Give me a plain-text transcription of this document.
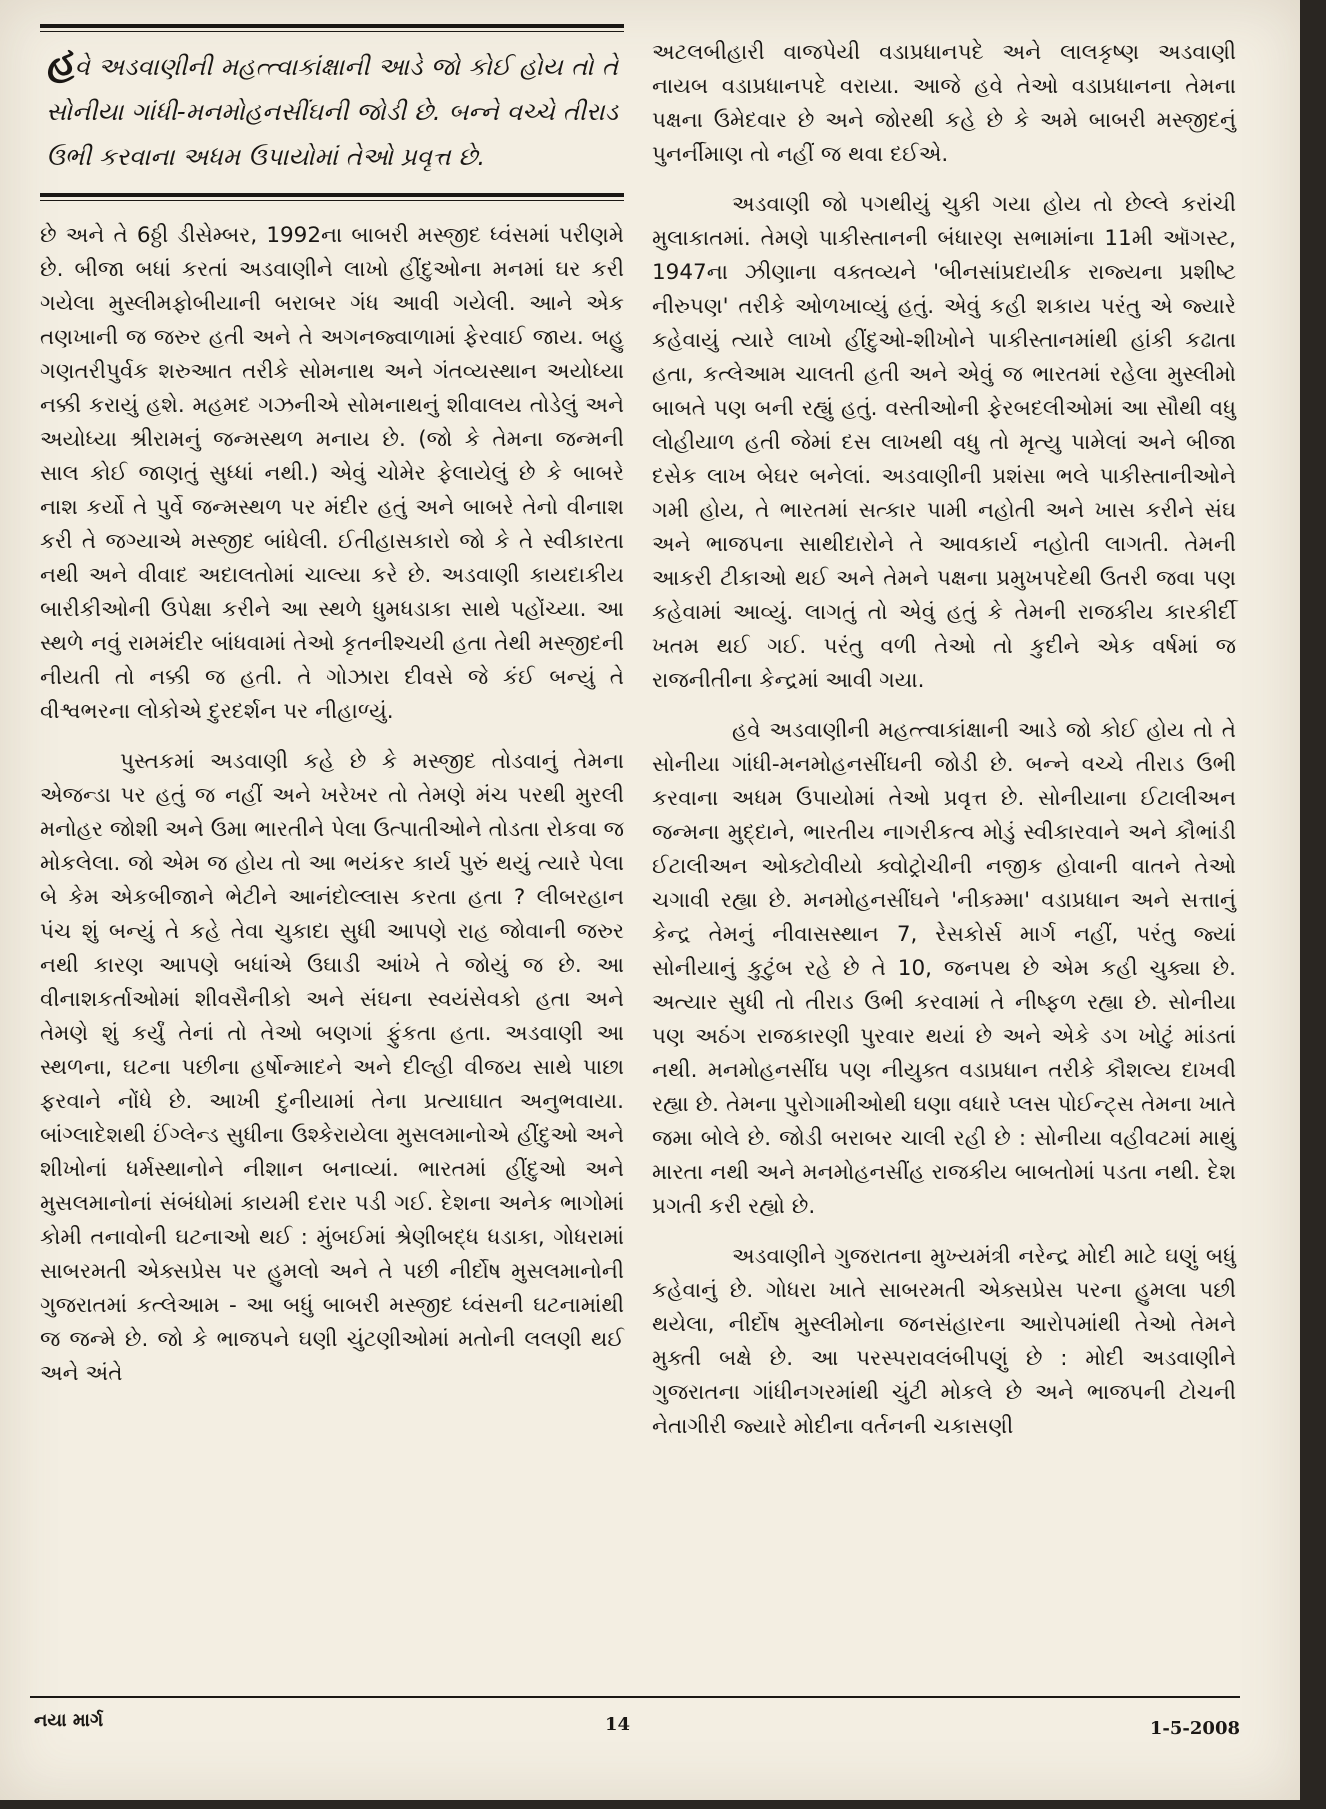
હવે અડવાણીની મહત્ત્વાકાંક્ષાની આડે જો કોઈ હોય તો તે સોનીયા ગાંધી-મનમોહનસીંઘની જોડી છે. બન્ને વચ્ચે તીરાડ ઉભી કરવાના અધમ ઉપાયોમાં તેઓ પ્રવૃત્ત છે.

છે અને તે 6ઠ્ઠી ડીસેમ્બર, 1992ના બાબરી મસ્જીદ ધ્વંસમાં પરીણમે છે. બીજા બધાં કરતાં અડવાણીને લાખો હીંદુઓના મનમાં ઘર કરી ગયેલા મુસ્લીમફોબીયાની બરાબર ગંધ આવી ગયેલી. આને એક તણખાની જ જરુર હતી અને તે અગનજ્વાળામાં ફેરવાઈ જાય. બહુ ગણતરીપુર્વક શરુઆત તરીકે સોમનાથ અને ગંતવ્યસ્થાન અયોધ્યા નક્કી કરાયું હશે. મહમદ ગઝનીએ સોમનાથનું શીવાલય તોડેલું અને અયોધ્યા શ્રીરામનું જન્મસ્થળ મનાય છે. (જો કે તેમના જન્મની સાલ કોઈ જાણતું સુધ્ધાં નથી.) એવું ચોમેર ફેલાયેલું છે કે બાબરે નાશ કર્યો તે પુર્વે જન્મસ્થળ પર મંદીર હતું અને બાબરે તેનો વીનાશ કરી તે જગ્યાએ મસ્જીદ બાંધેલી. ઈતીહાસકારો જો કે તે સ્વીકારતા નથી અને વીવાદ અદાલતોમાં ચાલ્યા કરે છે. અડવાણી કાયદાકીય બારીકીઓની ઉપેક્ષા કરીને આ સ્થળે ધુમધડાકા સાથે પહોંચ્યા. આ સ્થળે નવું રામમંદીર બાંધવામાં તેઓ કૃતનીશ્ચયી હતા તેથી મસ્જીદની નીયતી તો નક્કી જ હતી. તે ગોઝારા દીવસે જે કંઈ બન્યું તે વીશ્વભરના લોકોએ દુરદર્શન પર નીહાળ્યું.

પુસ્તકમાં અડવાણી કહે છે કે મસ્જીદ તોડવાનું તેમના એજન્ડા પર હતું જ નહીં અને ખરેખર તો તેમણે મંચ પરથી મુરલી મનોહર જોશી અને ઉમા ભારતીને પેલા ઉત્પાતીઓને તોડતા રોકવા જ મોકલેલા. જો એમ જ હોય તો આ ભયંકર કાર્ય પુરું થયું ત્યારે પેલા બે કેમ એકબીજાને ભેટીને આનંદોલ્લાસ કરતા હતા ? લીબરહાન પંચ શું બન્યું તે કહે તેવા ચુકાદા સુધી આપણે રાહ જોવાની જરુર નથી કારણ આપણે બધાંએ ઉઘાડી આંખે તે જોયું જ છે. આ વીનાશકર્તાઓમાં શીવસૈનીકો અને સંઘના સ્વયંસેવકો હતા અને તેમણે શું કર્યું તેનાં તો તેઓ બણગાં ફુંકતા હતા. અડવાણી આ સ્થળના, ઘટના પછીના હર્ષોન્માદને અને દીલ્હી વીજય સાથે પાછા ફરવાને નોંધે છે. આખી દુનીયામાં તેના પ્રત્યાઘાત અનુભવાયા. બાંગ્લાદેશથી ઈંગ્લેન્ડ સુધીના ઉશ્કેરાયેલા મુસલમાનોએ હીંદુઓ અને શીખોનાં ધર્મસ્થાનોને નીશાન બનાવ્યાં. ભારતમાં હીંદુઓ અને મુસલમાનોનાં સંબંધોમાં કાયમી દરાર પડી ગઈ. દેશના અનેક ભાગોમાં કોમી તનાવોની ઘટનાઓ થઈ : મુંબઈમાં શ્રેણીબદ્ધ ધડાકા, ગોધરામાં સાબરમતી એક્સપ્રેસ પર હુમલો અને તે પછી નીર્દોષ મુસલમાનોની ગુજરાતમાં કત્લેઆમ - આ બધું બાબરી મસ્જીદ ધ્વંસની ઘટનામાંથી જ જન્મે છે. જો કે ભાજપને ઘણી ચુંટણીઓમાં મતોની લલણી થઈ અને અંતે

અટલબીહારી વાજપેયી વડાપ્રધાનપદે અને લાલકૃષ્ણ અડવાણી નાયબ વડાપ્રધાનપદે વરાયા. આજે હવે તેઓ વડાપ્રધાનના તેમના પક્ષના ઉમેદવાર છે અને જોરથી કહે છે કે અમે બાબરી મસ્જીદનું પુનર્નીમાણ તો નહીં જ થવા દઈએ.

અડવાણી જો પગથીયું ચુકી ગયા હોય તો છેલ્લે કરાંચી મુલાકાતમાં. તેમણે પાકીસ્તાનની બંધારણ સભામાંના 11મી ઑગસ્ટ, 1947ના ઝીણાના વક્તવ્યને 'બીનસાંપ્રદાયીક રાજ્યના પ્રશીષ્ટ નીરુપણ' તરીકે ઓળખાવ્યું હતું. એવું કહી શકાય પરંતુ એ જ્યારે કહેવાયું ત્યારે લાખો હીંદુઓ-શીખોને પાકીસ્તાનમાંથી હાંકી કઢાતા હતા, કત્લેઆમ ચાલતી હતી અને એવું જ ભારતમાં રહેલા મુસ્લીમો બાબતે પણ બની રહ્યું હતું. વસ્તીઓની ફેરબદલીઓમાં આ સૌથી વધુ લોહીયાળ હતી જેમાં દસ લાખથી વધુ તો મૃત્યુ પામેલાં અને બીજા દસેક લાખ બેઘર બનેલાં. અડવાણીની પ્રશંસા ભલે પાકીસ્તાનીઓને ગમી હોય, તે ભારતમાં સત્કાર પામી નહોતી અને ખાસ કરીને સંઘ અને ભાજપના સાથીદારોને તે આવકાર્ય નહોતી લાગતી. તેમની આકરી ટીકાઓ થઈ અને તેમને પક્ષના પ્રમુખપદેથી ઉતરી જવા પણ કહેવામાં આવ્યું. લાગતું તો એવું હતું કે તેમની રાજકીય કારકીર્દી ખતમ થઈ ગઈ. પરંતુ વળી તેઓ તો કુદીને એક વર્ષમાં જ રાજનીતીના કેન્દ્રમાં આવી ગયા.

હવે અડવાણીની મહત્ત્વાકાંક્ષાની આડે જો કોઈ હોય તો તે સોનીયા ગાંધી-મનમોહનસીંઘની જોડી છે. બન્ને વચ્ચે તીરાડ ઉભી કરવાના અધમ ઉપાયોમાં તેઓ પ્રવૃત્ત છે. સોનીયાના ઈટાલીઅન જન્મના મુદ્દાને, ભારતીય નાગરીકત્વ મોડું સ્વીકારવાને અને કૌભાંડી ઈટાલીઅન ઓક્ટોવીયો ક્વોટ્રોચીની નજીક હોવાની વાતને તેઓ ચગાવી રહ્યા છે. મનમોહનસીંઘને 'નીકમ્મા' વડાપ્રધાન અને સત્તાનું કેન્દ્ર તેમનું નીવાસસ્થાન 7, રેસકોર્સ માર્ગ નહીં, પરંતુ જ્યાં સોનીયાનું કુટુંબ રહે છે તે 10, જનપથ છે એમ કહી ચુક્યા છે. અત્યાર સુધી તો તીરાડ ઉભી કરવામાં તે નીષ્ફળ રહ્યા છે. સોનીયા પણ અઠંગ રાજકારણી પુરવાર થયાં છે અને એકે ડગ ખોટું માંડતાં નથી. મનમોહનસીંઘ પણ નીયુક્ત વડાપ્રધાન તરીકે કૌશલ્ય દાખવી રહ્યા છે. તેમના પુરોગામીઓથી ઘણા વધારે પ્લસ પોઈન્ટ્સ તેમના ખાતે જમા બોલે છે. જોડી બરાબર ચાલી રહી છે : સોનીયા વહીવટમાં માથું મારતા નથી અને મનમોહનસીંહ રાજકીય બાબતોમાં પડતા નથી. દેશ પ્રગતી કરી રહ્યો છે.

અડવાણીને ગુજરાતના મુખ્યમંત્રી નરેન્દ્ર મોદી માટે ઘણું બધું કહેવાનું છે. ગોધરા ખાતે સાબરમતી એક્સપ્રેસ પરના હુમલા પછી થયેલા, નીર્દોષ મુસ્લીમોના જનસંહારના આરોપમાંથી તેઓ તેમને મુક્તી બક્ષે છે. આ પરસ્પરાવલંબીપણું છે : મોદી અડવાણીને ગુજરાતના ગાંધીનગરમાંથી ચુંટી મોકલે છે અને ભાજપની ટોચની નેતાગીરી જ્યારે મોદીના વર્તનની ચકાસણી

નયા માર્ગ	14	1-5-2008
